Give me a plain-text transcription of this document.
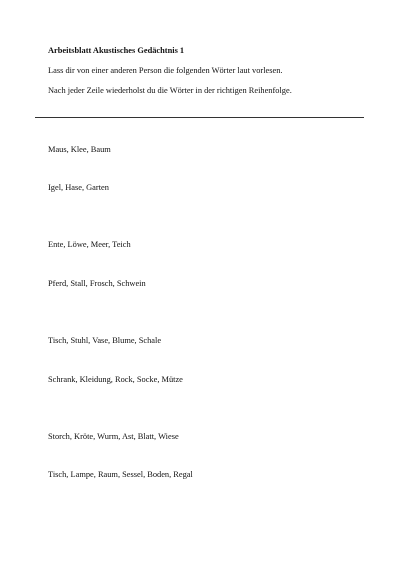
Arbeitsblatt Akustisches Gedächtnis 1
Lass dir von einer anderen Person die folgenden Wörter laut vorlesen.
Nach jeder Zeile wiederholst du die Wörter in der richtigen Reihenfolge.
Maus, Klee, Baum
Igel, Hase, Garten
Ente, Löwe, Meer, Teich
Pferd, Stall, Frosch, Schwein
Tisch, Stuhl, Vase, Blume, Schale
Schrank, Kleidung, Rock, Socke, Mütze
Storch, Kröte, Wurm, Ast, Blatt, Wiese
Tisch, Lampe, Raum, Sessel, Boden, Regal
